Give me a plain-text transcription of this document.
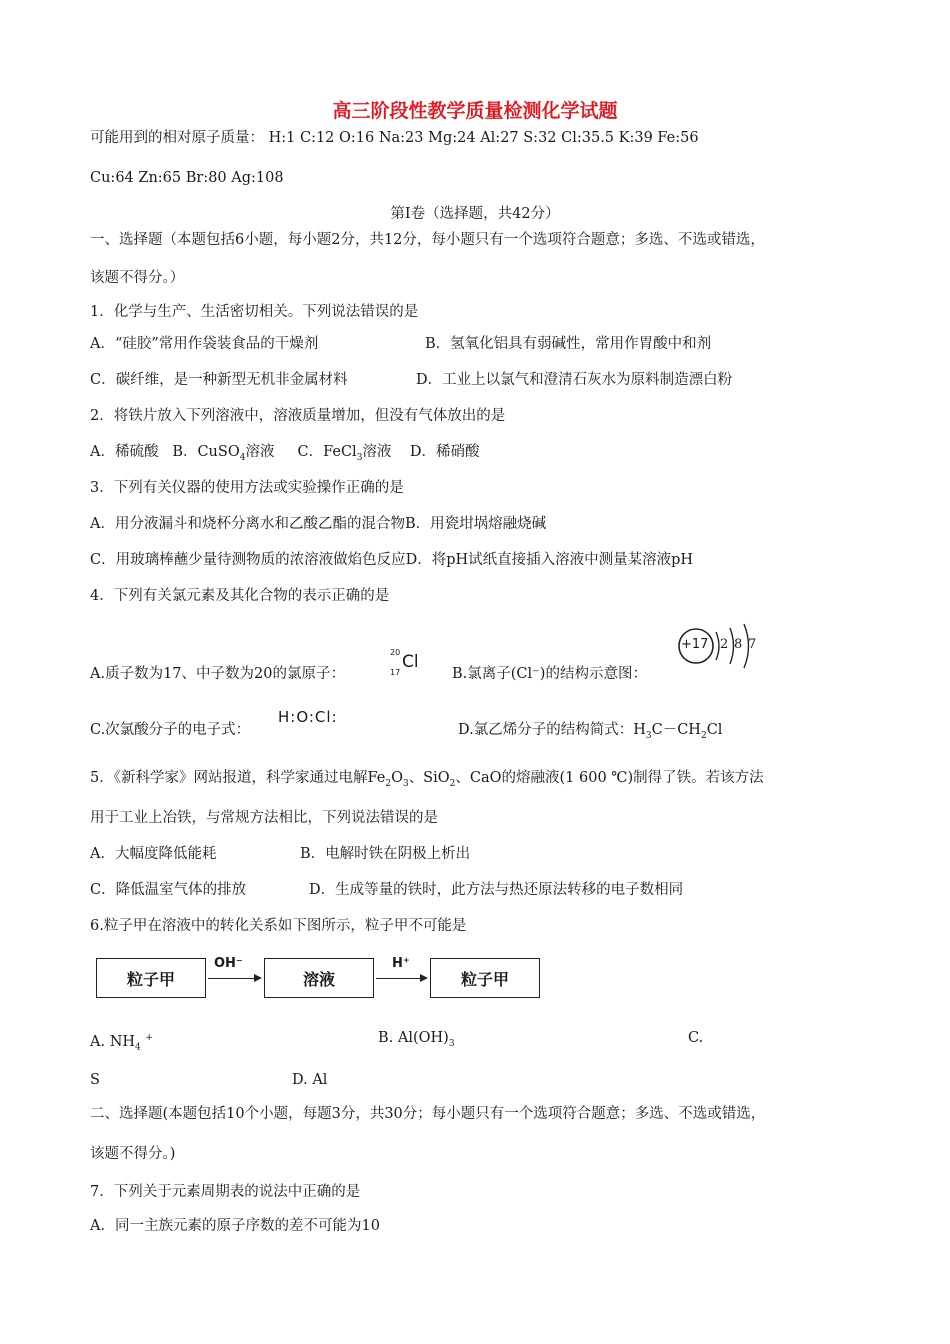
高三阶段性教学质量检测化学试题
可能用到的相对原子质量： H:1 C:12 O:16 Na:23 Mg:24 Al:27 S:32 Cl:35.5 K:39 Fe:56
Cu:64 Zn:65 Br:80 Ag:108
第Ⅰ卷（选择题，共42分）
一、选择题（本题包括6小题，每小题2分，共12分，每小题只有一个选项符合题意；多选、不选或错选，
该题不得分。）
1．化学与生产、生活密切相关。下列说法错误的是
A．“硅胶”常用作袋装食品的干燥剂	B．氢氧化铝具有弱碱性，常用作胃酸中和剂
C．碳纤维，是一种新型无机非金属材料	D．工业上以氯气和澄清石灰水为原料制造漂白粉
2．将铁片放入下列溶液中，溶液质量增加，但没有气体放出的是
A．稀硫酸 B．CuSO$_4$溶液 C．FeCl$_3$溶液 D．稀硝酸
3．下列有关仪器的使用方法或实验操作正确的是
A．用分液漏斗和烧杯分离水和乙酸乙酯的混合物B．用瓷坩埚熔融烧碱
C．用玻璃棒蘸少量待测物质的浓溶液做焰色反应D．将pH试纸直接插入溶液中测量某溶液pH
4．下列有关氯元素及其化合物的表示正确的是
A.质子数为17、中子数为20的氯原子：
20
17
Cl
B.氯离子(Cl⁻)的结构示意图：
+17 2 8 7
C.次氯酸分子的电子式：
H:O:Cl:
D.氯乙烯分子的结构简式：$H_3C-CH_2Cl$
5．《新科学家》网站报道，科学家通过电解$Fe_2O_3$、SiO$_2$、CaO的熔融液(1 600 ℃)制得了铁。若该方法
用于工业上冶铁，与常规方法相比，下列说法错误的是
A．大幅度降低能耗	B．电解时铁在阴极上析出
C．降低温室气体的排放	D．生成等量的铁时，此方法与热还原法转移的电子数相同
6.粒子甲在溶液中的转化关系如下图所示，粒子甲不可能是
粒子甲
OH⁻
溶液
H⁺
粒子甲
A. $NH_4$ +	B. $Al(OH)_3$	C.
S	D. Al
二、选择题(本题包括10个小题，每题3分，共30分；每小题只有一个选项符合题意；多选、不选或错选，
该题不得分。)
7．下列关于元素周期表的说法中正确的是
A．同一主族元素的原子序数的差不可能为10
